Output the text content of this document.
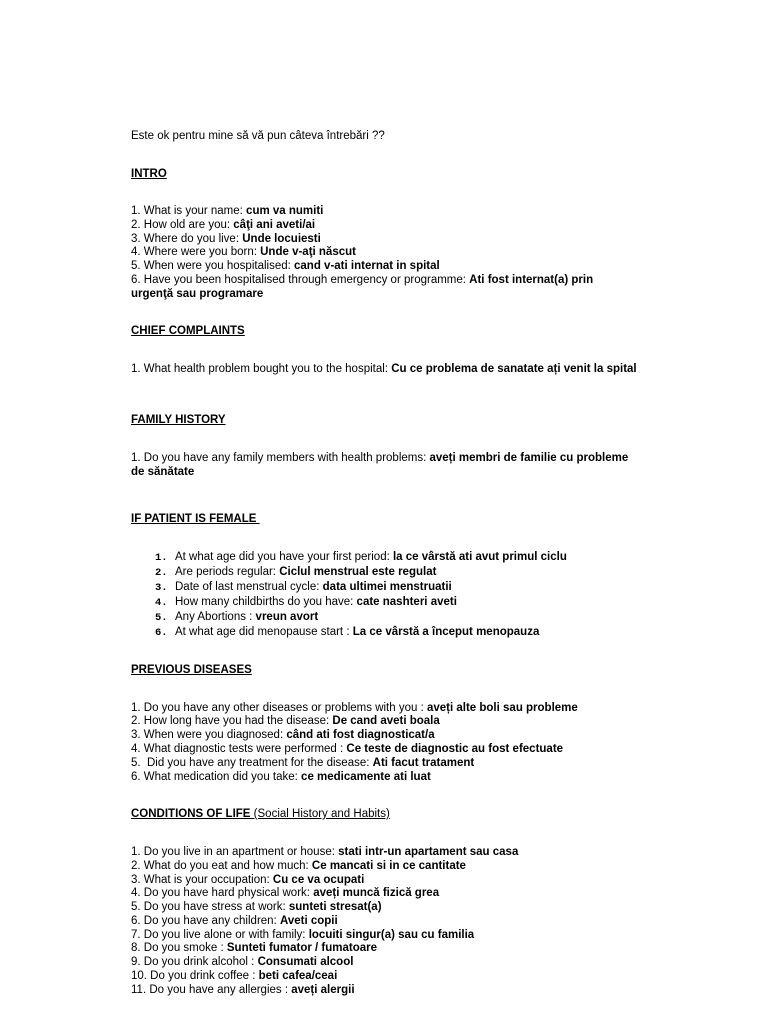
Este ok pentru mine să vă pun câteva întrebări ??
INTRO
1. What is your name: cum va numiti
2. How old are you: câţi ani aveti/ai
3. Where do you live: Unde locuiesti
4. Where were you born: Unde v-aţi născut
5. When were you hospitalised: cand v-ati internat in spital
6. Have you been hospitalised through emergency or programme: Ati fost internat(a) prin urgenţă sau programare
CHIEF COMPLAINTS
1. What health problem bought you to the hospital: Cu ce problema de sanatate ați venit la spital
FAMILY HISTORY
1. Do you have any family members with health problems: aveți membri de familie cu probleme de sănătate
IF PATIENT IS FEMALE
1. At what age did you have your first period: la ce vârstă ati avut primul ciclu
2. Are periods regular: Ciclul menstrual este regulat
3. Date of last menstrual cycle: data ultimei menstruatii
4. How many childbirths do you have: cate nashteri aveti
5. Any Abortions : vreun avort
6. At what age did menopause start : La ce vârstă a început menopauza
PREVIOUS DISEASES
1. Do you have any other diseases or problems with you : aveți alte boli sau probleme
2. How long have you had the disease: De cand aveti boala
3. When were you diagnosed: când ati fost diagnosticat/a
4. What diagnostic tests were performed : Ce teste de diagnostic au fost efectuate
5.  Did you have any treatment for the disease: Ati facut tratament
6. What medication did you take: ce medicamente ati luat
CONDITIONS OF LIFE (Social History and Habits)
1. Do you live in an apartment or house: stati intr-un apartament sau casa
2. What do you eat and how much: Ce mancati si in ce cantitate
3. What is your occupation: Cu ce va ocupati
4. Do you have hard physical work: aveți muncă fizică grea
5. Do you have stress at work: sunteti stresat(a)
6. Do you have any children: Aveti copii
7. Do you live alone or with family: locuiti singur(a) sau cu familia
8. Do you smoke : Sunteti fumator / fumatoare
9. Do you drink alcohol : Consumati alcool
10. Do you drink coffee : beti cafea/ceai
11. Do you have any allergies : aveți alergii
